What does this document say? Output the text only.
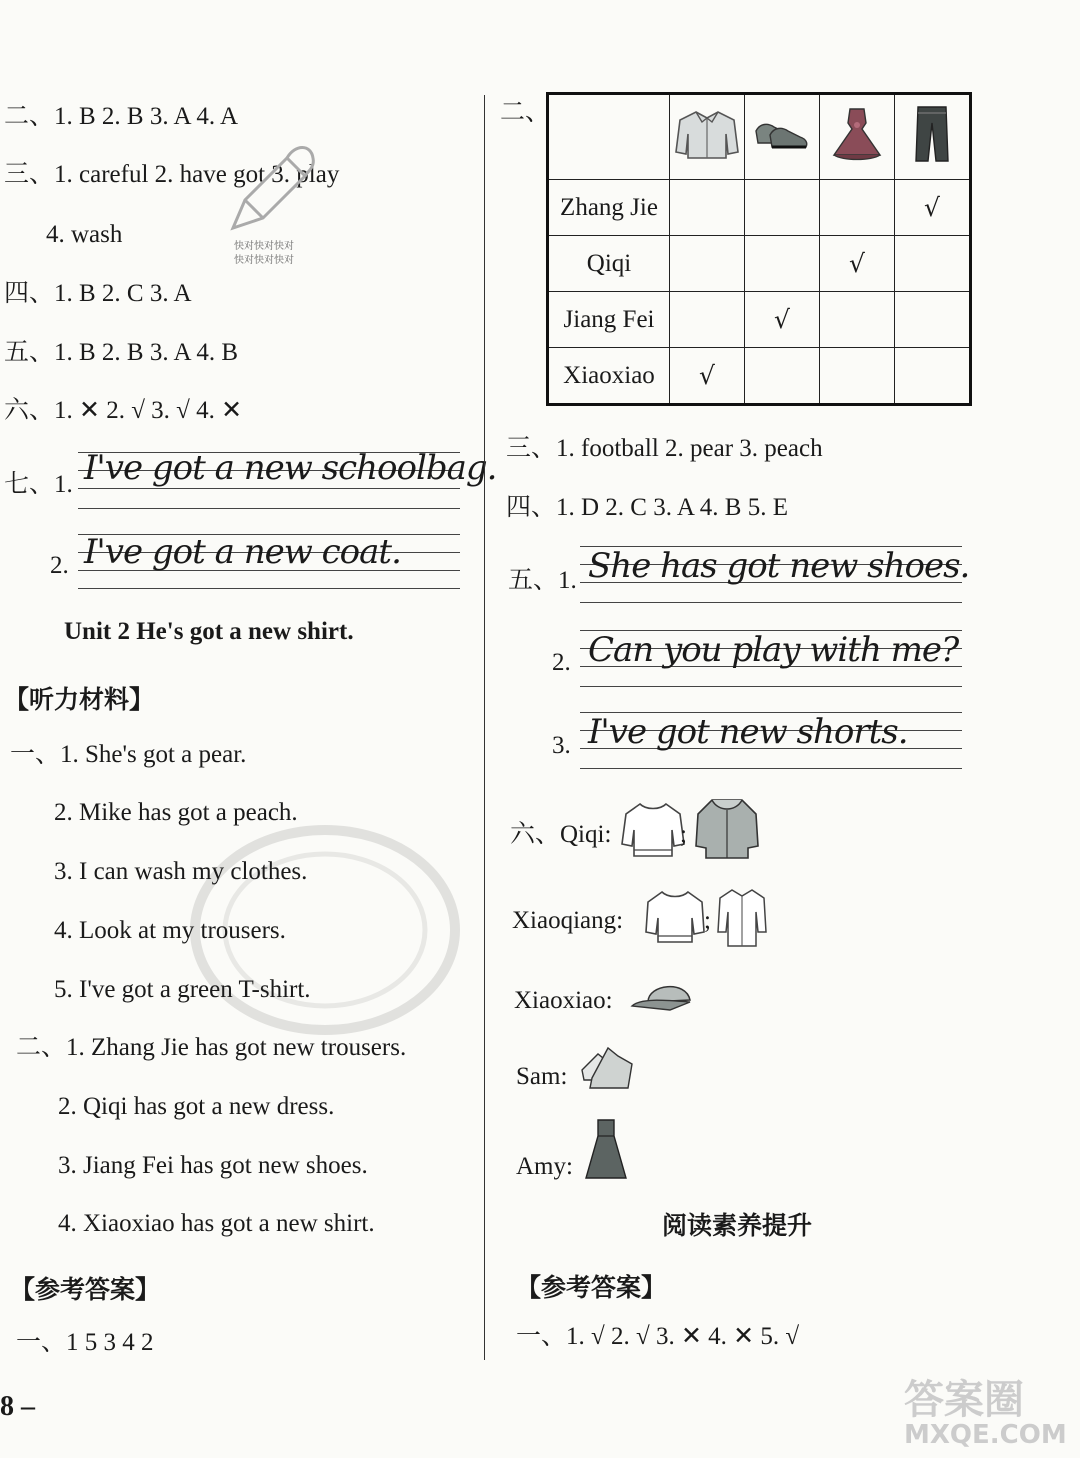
二、1. B 2. B 3. A 4. A
三、1. careful 2. have got 3. play
4. wash	快对快对快对
快对快对快对
四、1. B 2. C 3. A
五、1. B 2. B 3. A 4. B
六、1. ✕ 2. √ 3. √ 4. ✕
七、1. I've got a new schoolbag.
2. I've got a new coat.
Unit 2 He's got a new shirt.
【听力材料】
一、1. She's got a pear.
2. Mike has got a peach.
3. I can wash my clothes.
4. Look at my trousers.
5. I've got a green T-shirt.
二、1. Zhang Jie has got new trousers.
2. Qiqi has got a new dress.
3. Jiang Fei has got new shoes.
4. Xiaoxiao has got a new shirt.
【参考答案】
一、1 5 3 4 2
8 –
二、

Zhang Jie				√
Qiqi			√	
Jiang Fei		√		
Xiaoxiao	√			
三、1. football 2. pear 3. peach
四、1. D 2. C 3. A 4. B 5. E
五、1. She has got new shoes.
2. Can you play with me?
3. I've got new shorts.
六、Qiqi:	;
Xiaoqiang:	;
Xiaoxiao:
Sam:
Amy:
阅读素养提升
【参考答案】
一、1. √ 2. √ 3. ✕ 4. ✕ 5. √
答案圈
MXQE.COM
